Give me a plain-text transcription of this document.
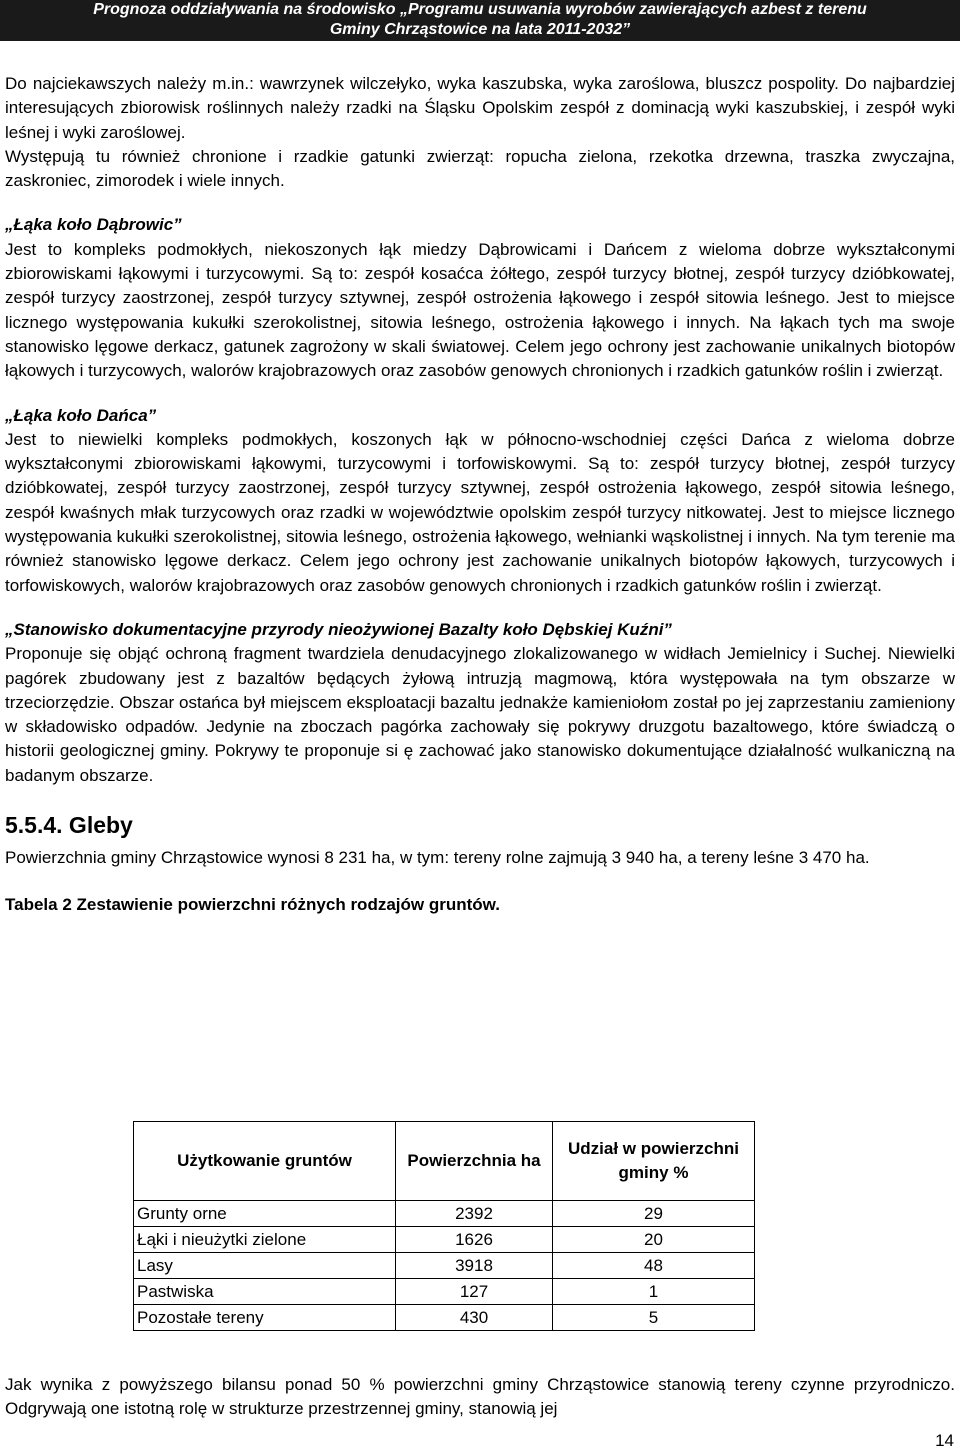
Prognoza oddziaływania na środowisko „Programu usuwania wyrobów zawierających azbest z terenu
Gminy Chrząstowice na lata 2011-2032”

Do najciekawszych należy m.in.: wawrzynek wilczełyko, wyka kaszubska, wyka zaroślowa, bluszcz pospolity. Do najbardziej interesujących zbiorowisk roślinnych należy rzadki na Śląsku Opolskim zespół z dominacją wyki kaszubskiej, i zespół wyki leśnej i wyki zaroślowej.

Występują tu również chronione i rzadkie gatunki zwierząt: ropucha zielona, rzekotka drzewna, traszka zwyczajna, zaskroniec, zimorodek i wiele innych.

„Łąka koło Dąbrowic”

Jest to kompleks podmokłych, niekoszonych łąk miedzy Dąbrowicami i Dańcem z wieloma dobrze wykształconymi zbiorowiskami łąkowymi i turzycowymi. Są to: zespół kosaćca żółtego, zespół turzycy błotnej, zespół turzycy dzióbkowatej, zespół turzycy zaostrzonej, zespół turzycy sztywnej, zespół ostrożenia łąkowego i zespół sitowia leśnego. Jest to miejsce licznego występowania kukułki szerokolistnej, sitowia leśnego, ostrożenia łąkowego i innych. Na łąkach tych ma swoje stanowisko lęgowe derkacz, gatunek zagrożony w skali światowej. Celem jego ochrony jest zachowanie unikalnych biotopów łąkowych i turzycowych, walorów krajobrazowych oraz zasobów genowych chronionych i rzadkich gatunków roślin i zwierząt.

„Łąka koło Dańca”

Jest to niewielki kompleks podmokłych, koszonych łąk w północno-wschodniej części Dańca z wieloma dobrze wykształconymi zbiorowiskami łąkowymi, turzycowymi i torfowiskowymi. Są to: zespół turzycy błotnej, zespół turzycy dzióbkowatej, zespół turzycy zaostrzonej, zespół turzycy sztywnej, zespół ostrożenia łąkowego, zespół sitowia leśnego, zespół kwaśnych młak turzycowych oraz rzadki w województwie opolskim zespół turzycy nitkowatej. Jest to miejsce licznego występowania kukułki szerokolistnej, sitowia leśnego, ostrożenia łąkowego, wełnianki wąskolistnej i innych. Na tym terenie ma również stanowisko lęgowe derkacz. Celem jego ochrony jest zachowanie unikalnych biotopów łąkowych, turzycowych i torfowiskowych, walorów krajobrazowych oraz zasobów genowych chronionych i rzadkich gatunków roślin i zwierząt.

„Stanowisko dokumentacyjne przyrody nieożywionej Bazalty koło Dębskiej Kuźni”

Proponuje się objąć ochroną fragment twardziela denudacyjnego zlokalizowanego w widłach Jemielnicy i Suchej. Niewielki pagórek zbudowany jest z bazaltów będących żyłową intruzją magmową, która występowała na tym obszarze w trzeciorzędzie. Obszar ostańca był miejscem eksploatacji bazaltu jednakże kamieniołom został po jej zaprzestaniu zamieniony w składowisko odpadów. Jedynie na zboczach pagórka zachowały się pokrywy druzgotu bazaltowego, które świadczą o historii geologicznej gminy. Pokrywy te proponuje si ę zachować jako stanowisko dokumentujące działalność wulkaniczną na badanym obszarze.

5.5.4. Gleby

Powierzchnia gminy Chrząstowice wynosi 8 231 ha, w tym: tereny rolne zajmują 3 940 ha, a tereny leśne 3 470 ha.

Tabela 2 Zestawienie powierzchni różnych rodzajów gruntów.

Użytkowanie gruntów	Powierzchnia ha	Udział w powierzchni gminy %
Grunty orne	2392	29
Łąki i nieużytki zielone	1626	20
Lasy	3918	48
Pastwiska	127	1
Pozostałe tereny	430	5

Jak wynika z powyższego bilansu ponad 50 % powierzchni gminy Chrząstowice stanowią tereny czynne przyrodniczo. Odgrywają one istotną rolę w strukturze przestrzennej gminy, stanowią jej

14
